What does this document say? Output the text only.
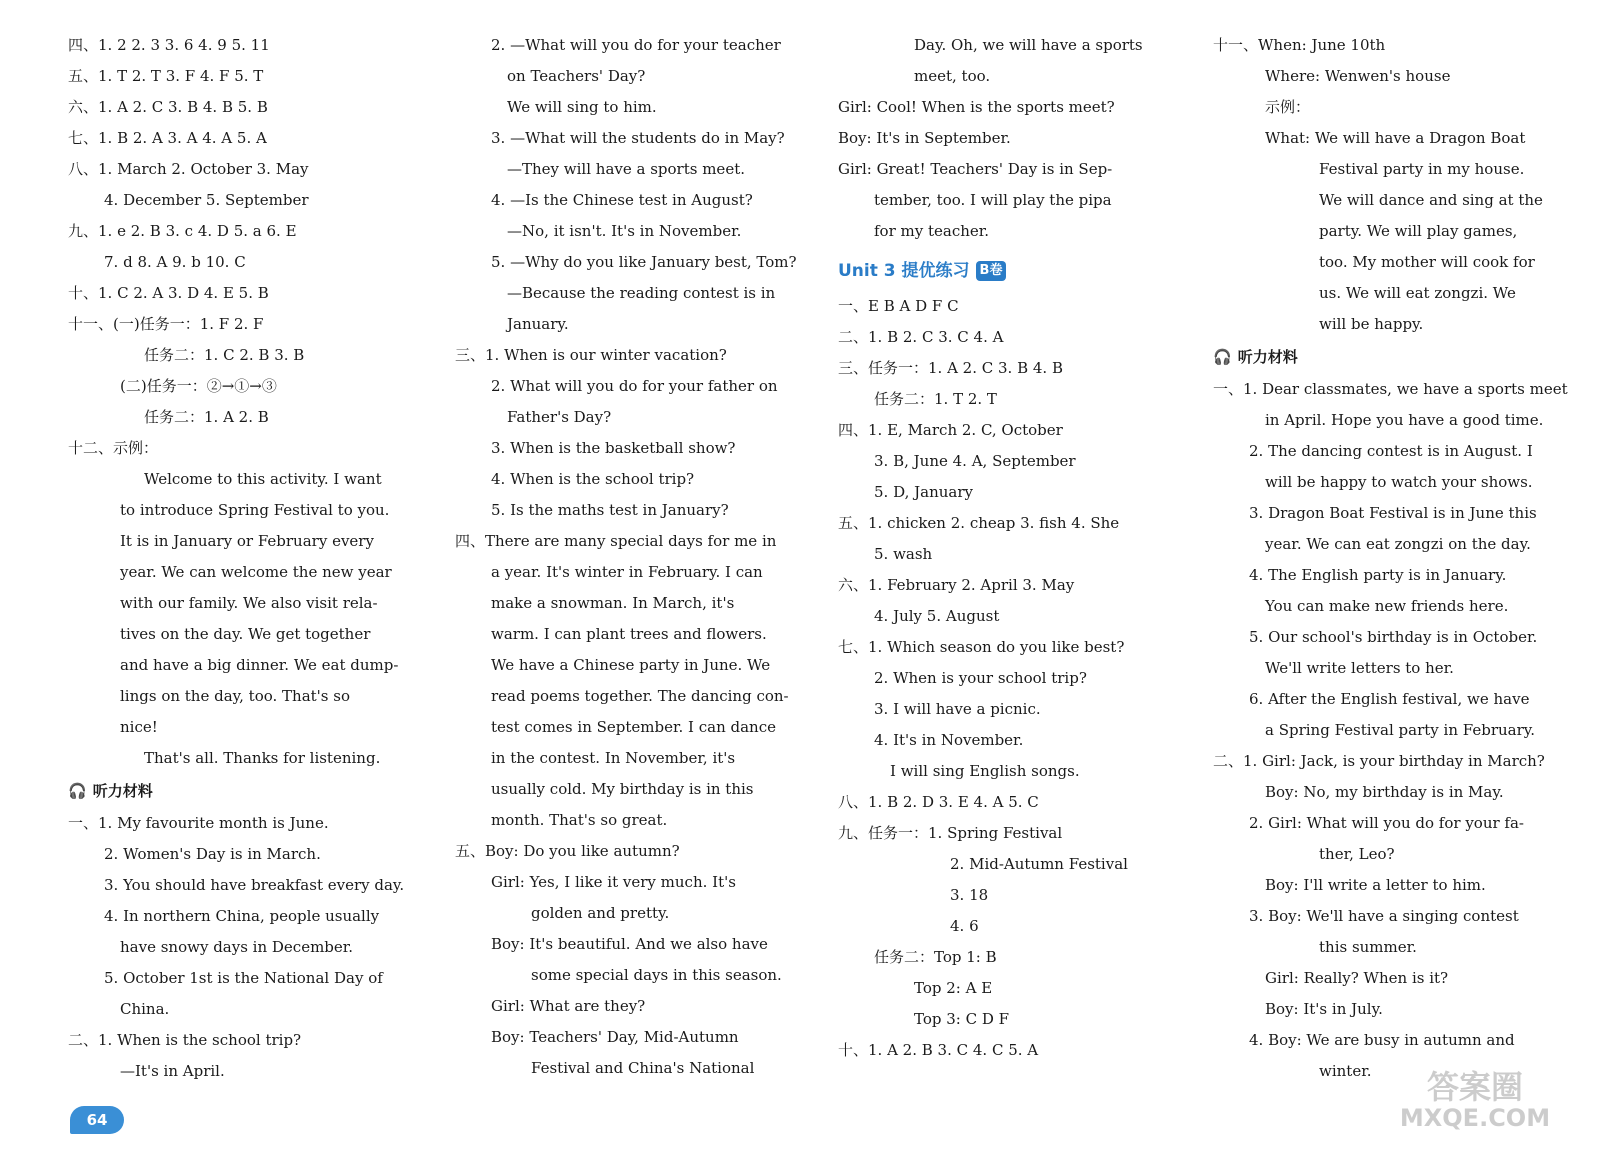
四、1. 2 2. 3 3. 6 4. 9 5. 11
五、1. T 2. T 3. F 4. F 5. T
六、1. A 2. C 3. B 4. B 5. B
七、1. B 2. A 3. A 4. A 5. A
八、1. March 2. October 3. May
4. December 5. September
九、1. e 2. B 3. c 4. D 5. a 6. E
7. d 8. A 9. b 10. C
十、1. C 2. A 3. D 4. E 5. B
十一、(一)任务一：1. F 2. F
任务二：1. C 2. B 3. B
(二)任务一：②→①→③
任务二：1. A 2. B
十二、示例：
Welcome to this activity. I want
to introduce Spring Festival to you.
It is in January or February every
year. We can welcome the new year
with our family. We also visit rela-
tives on the day. We get together
and have a big dinner. We eat dump-
lings on the day, too. That's so
nice!
That's all. Thanks for listening.
🎧 听力材料
一、1. My favourite month is June.
2. Women's Day is in March.
3. You should have breakfast every day.
4. In northern China, people usually
have snowy days in December.
5. October 1st is the National Day of
China.
二、1. When is the school trip?
—It's in April.
2. —What will you do for your teacher
on Teachers' Day?
We will sing to him.
3. —What will the students do in May?
—They will have a sports meet.
4. —Is the Chinese test in August?
—No, it isn't. It's in November.
5. —Why do you like January best, Tom?
—Because the reading contest is in
January.
三、1. When is our winter vacation?
2. What will you do for your father on
Father's Day?
3. When is the basketball show?
4. When is the school trip?
5. Is the maths test in January?
四、There are many special days for me in
a year. It's winter in February. I can
make a snowman. In March, it's
warm. I can plant trees and flowers.
We have a Chinese party in June. We
read poems together. The dancing con-
test comes in September. I can dance
in the contest. In November, it's
usually cold. My birthday is in this
month. That's so great.
五、Boy: Do you like autumn?
Girl: Yes, I like it very much. It's
golden and pretty.
Boy: It's beautiful. And we also have
some special days in this season.
Girl: What are they?
Boy: Teachers' Day, Mid-Autumn
Festival and China's National
Day. Oh, we will have a sports
meet, too.
Girl: Cool! When is the sports meet?
Boy: It's in September.
Girl: Great! Teachers' Day is in Sep-
tember, too. I will play the pipa
for my teacher.
Unit 3 提优练习 B卷
一、E B A D F C
二、1. B 2. C 3. C 4. A
三、任务一：1. A 2. C 3. B 4. B
任务二：1. T 2. T
四、1. E, March 2. C, October
3. B, June 4. A, September
5. D, January
五、1. chicken 2. cheap 3. fish 4. She
5. wash
六、1. February 2. April 3. May
4. July 5. August
七、1. Which season do you like best?
2. When is your school trip?
3. I will have a picnic.
4. It's in November.
I will sing English songs.
八、1. B 2. D 3. E 4. A 5. C
九、任务一：1. Spring Festival
2. Mid-Autumn Festival
3. 18
4. 6
任务二：Top 1: B
Top 2: A E
Top 3: C D F
十、1. A 2. B 3. C 4. C 5. A
十一、When: June 10th
Where: Wenwen's house
示例：
What: We will have a Dragon Boat
Festival party in my house.
We will dance and sing at the
party. We will play games,
too. My mother will cook for
us. We will eat zongzi. We
will be happy.
🎧 听力材料
一、1. Dear classmates, we have a sports meet
in April. Hope you have a good time.
2. The dancing contest is in August. I
will be happy to watch your shows.
3. Dragon Boat Festival is in June this
year. We can eat zongzi on the day.
4. The English party is in January.
You can make new friends here.
5. Our school's birthday is in October.
We'll write letters to her.
6. After the English festival, we have
a Spring Festival party in February.
二、1. Girl: Jack, is your birthday in March?
Boy: No, my birthday is in May.
2. Girl: What will you do for your fa-
ther, Leo?
Boy: I'll write a letter to him.
3. Boy: We'll have a singing contest
this summer.
Girl: Really? When is it?
Boy: It's in July.
4. Boy: We are busy in autumn and
winter.
64
答案圈
MXQE.COM
